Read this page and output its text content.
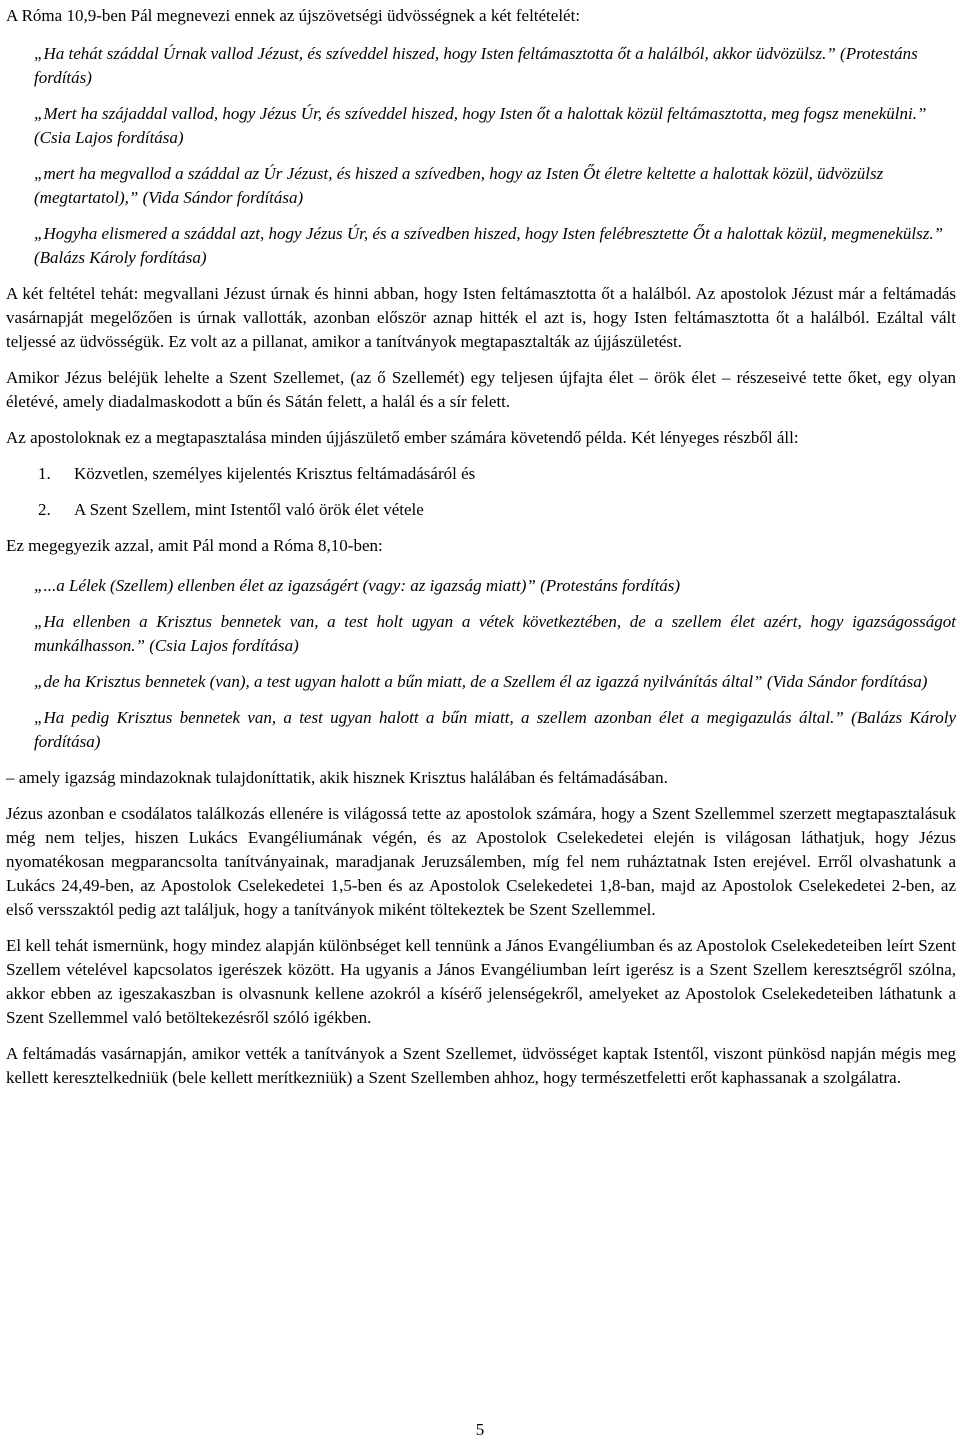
A Róma 10,9-ben Pál megnevezi ennek az újszövetségi üdvösségnek a két feltételét:

„Ha tehát száddal Úrnak vallod Jézust, és szíveddel hiszed, hogy Isten feltámasztotta őt a halálból, akkor üdvözülsz.” (Protestáns fordítás)

„Mert ha szájaddal vallod, hogy Jézus Úr, és szíveddel hiszed, hogy Isten őt a halottak közül feltámasztotta, meg fogsz menekülni.” (Csia Lajos fordítása)

„mert ha megvallod a száddal az Úr Jézust, és hiszed a szívedben, hogy az Isten Őt életre keltette a halottak közül, üdvözülsz (megtartatol),” (Vida Sándor fordítása)

„Hogyha elismered a száddal azt, hogy Jézus Úr, és a szívedben hiszed, hogy Isten felébresztette Őt a halottak közül, megmenekülsz.” (Balázs Károly fordítása)

A két feltétel tehát: megvallani Jézust úrnak és hinni abban, hogy Isten feltámasztotta őt a halálból. Az apostolok Jézust már a feltámadás vasárnapját megelőzően is úrnak vallották, azonban először aznap hitték el azt is, hogy Isten feltámasztotta őt a halálból. Ezáltal vált teljessé az üdvösségük. Ez volt az a pillanat, amikor a tanítványok megtapasztalták az újjászületést.

Amikor Jézus beléjük lehelte a Szent Szellemet, (az ő Szellemét) egy teljesen újfajta élet – örök élet – részeseivé tette őket, egy olyan életévé, amely diadalmaskodott a bűn és Sátán felett, a halál és a sír felett.

Az apostoloknak ez a megtapasztalása minden újjászülető ember számára követendő példa. Két lényeges részből áll:

1. Közvetlen, személyes kijelentés Krisztus feltámadásáról és
2. A Szent Szellem, mint Istentől való örök élet vétele

Ez megegyezik azzal, amit Pál mond a Róma 8,10-ben:

„...a Lélek (Szellem) ellenben élet az igazságért (vagy: az igazság miatt)” (Protestáns fordítás)

„Ha ellenben a Krisztus bennetek van, a test holt ugyan a vétek következtében, de a szellem élet azért, hogy igazságosságot munkálhasson.” (Csia Lajos fordítása)

„de ha Krisztus bennetek (van), a test ugyan halott a bűn miatt, de a Szellem él az igazzá nyilvánítás által” (Vida Sándor fordítása)

„Ha pedig Krisztus bennetek van, a test ugyan halott a bűn miatt, a szellem azonban élet a megigazulás által.” (Balázs Károly fordítása)

– amely igazság mindazoknak tulajdoníttatik, akik hisznek Krisztus halálában és feltámadásában.

Jézus azonban e csodálatos találkozás ellenére is világossá tette az apostolok számára, hogy a Szent Szellemmel szerzett megtapasztalásuk még nem teljes, hiszen Lukács Evangéliumának végén, és az Apostolok Cselekedetei elején is világosan láthatjuk, hogy Jézus nyomatékosan megparancsolta tanítványainak, maradjanak Jeruzsálemben, míg fel nem ruháztatnak Isten erejével. Erről olvashatunk a Lukács 24,49-ben, az Apostolok Cselekedetei 1,5-ben és az Apostolok Cselekedetei 1,8-ban, majd az Apostolok Cselekedetei 2-ben, az első versszaktól pedig azt találjuk, hogy a tanítványok miként töltekeztek be Szent Szellemmel.

El kell tehát ismernünk, hogy mindez alapján különbséget kell tennünk a János Evangéliumban és az Apostolok Cselekedeteiben leírt Szent Szellem vételével kapcsolatos igerészek között. Ha ugyanis a János Evangéliumban leírt igerész is a Szent Szellem keresztségről szólna, akkor ebben az igeszakaszban is olvasnunk kellene azokról a kísérő jelenségekről, amelyeket az Apostolok Cselekedeteiben láthatunk a Szent Szellemmel való betöltekezésről szóló igékben.

A feltámadás vasárnapján, amikor vették a tanítványok a Szent Szellemet, üdvösséget kaptak Istentől, viszont pünkösd napján mégis meg kellett keresztelkedniük (bele kellett merítkezniük) a Szent Szellemben ahhoz, hogy természetfeletti erőt kaphassanak a szolgálatra.

5
